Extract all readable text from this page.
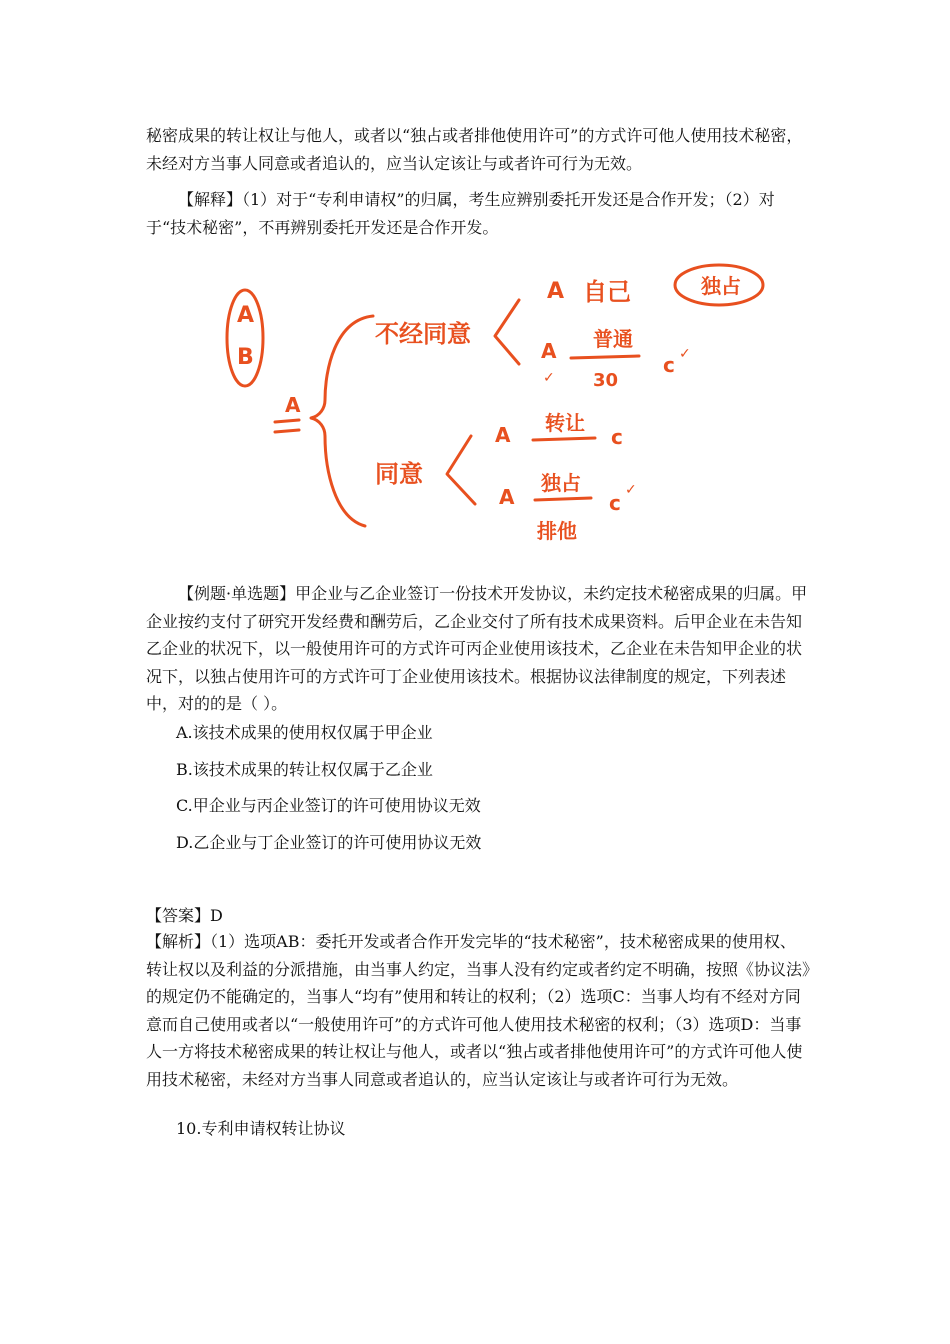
秘密成果的转让权让与他人，或者以“独占或者排他使用许可”的方式许可他人使用技术秘密，未经对方当事人同意或者追认的，应当认定该让与或者许可行为无效。

【解释】（1）对于“专利申请权”的归属，考生应辨别委托开发还是合作开发；（2）对于“技术秘密”，不再辨别委托开发还是合作开发。

A
B
A
不经同意
A 自己	独占
A
✓
普通
30
c ✓
同意
A 转让
c
A
独占
c
✓
排他

【例题·单选题】甲企业与乙企业签订一份技术开发协议，未约定技术秘密成果的归属。甲企业按约支付了研究开发经费和酬劳后，乙企业交付了所有技术成果资料。后甲企业在未告知乙企业的状况下，以一般使用许可的方式许可丙企业使用该技术，乙企业在未告知甲企业的状况下，以独占使用许可的方式许可丁企业使用该技术。根据协议法律制度的规定，下列表述中，对的的是（ ）。

A.该技术成果的使用权仅属于甲企业

B.该技术成果的转让权仅属于乙企业

C.甲企业与丙企业签订的许可使用协议无效

D.乙企业与丁企业签订的许可使用协议无效

【答案】D

【解析】（1）选项AB：委托开发或者合作开发完毕的“技术秘密”，技术秘密成果的使用权、转让权以及利益的分派措施，由当事人约定，当事人没有约定或者约定不明确，按照《协议法》的规定仍不能确定的，当事人“均有”使用和转让的权利；（2）选项C：当事人均有不经对方同意而自己使用或者以“一般使用许可”的方式许可他人使用技术秘密的权利；（3）选项D：当事人一方将技术秘密成果的转让权让与他人，或者以“独占或者排他使用许可”的方式许可他人使用技术秘密，未经对方当事人同意或者追认的，应当认定该让与或者许可行为无效。

10.专利申请权转让协议
